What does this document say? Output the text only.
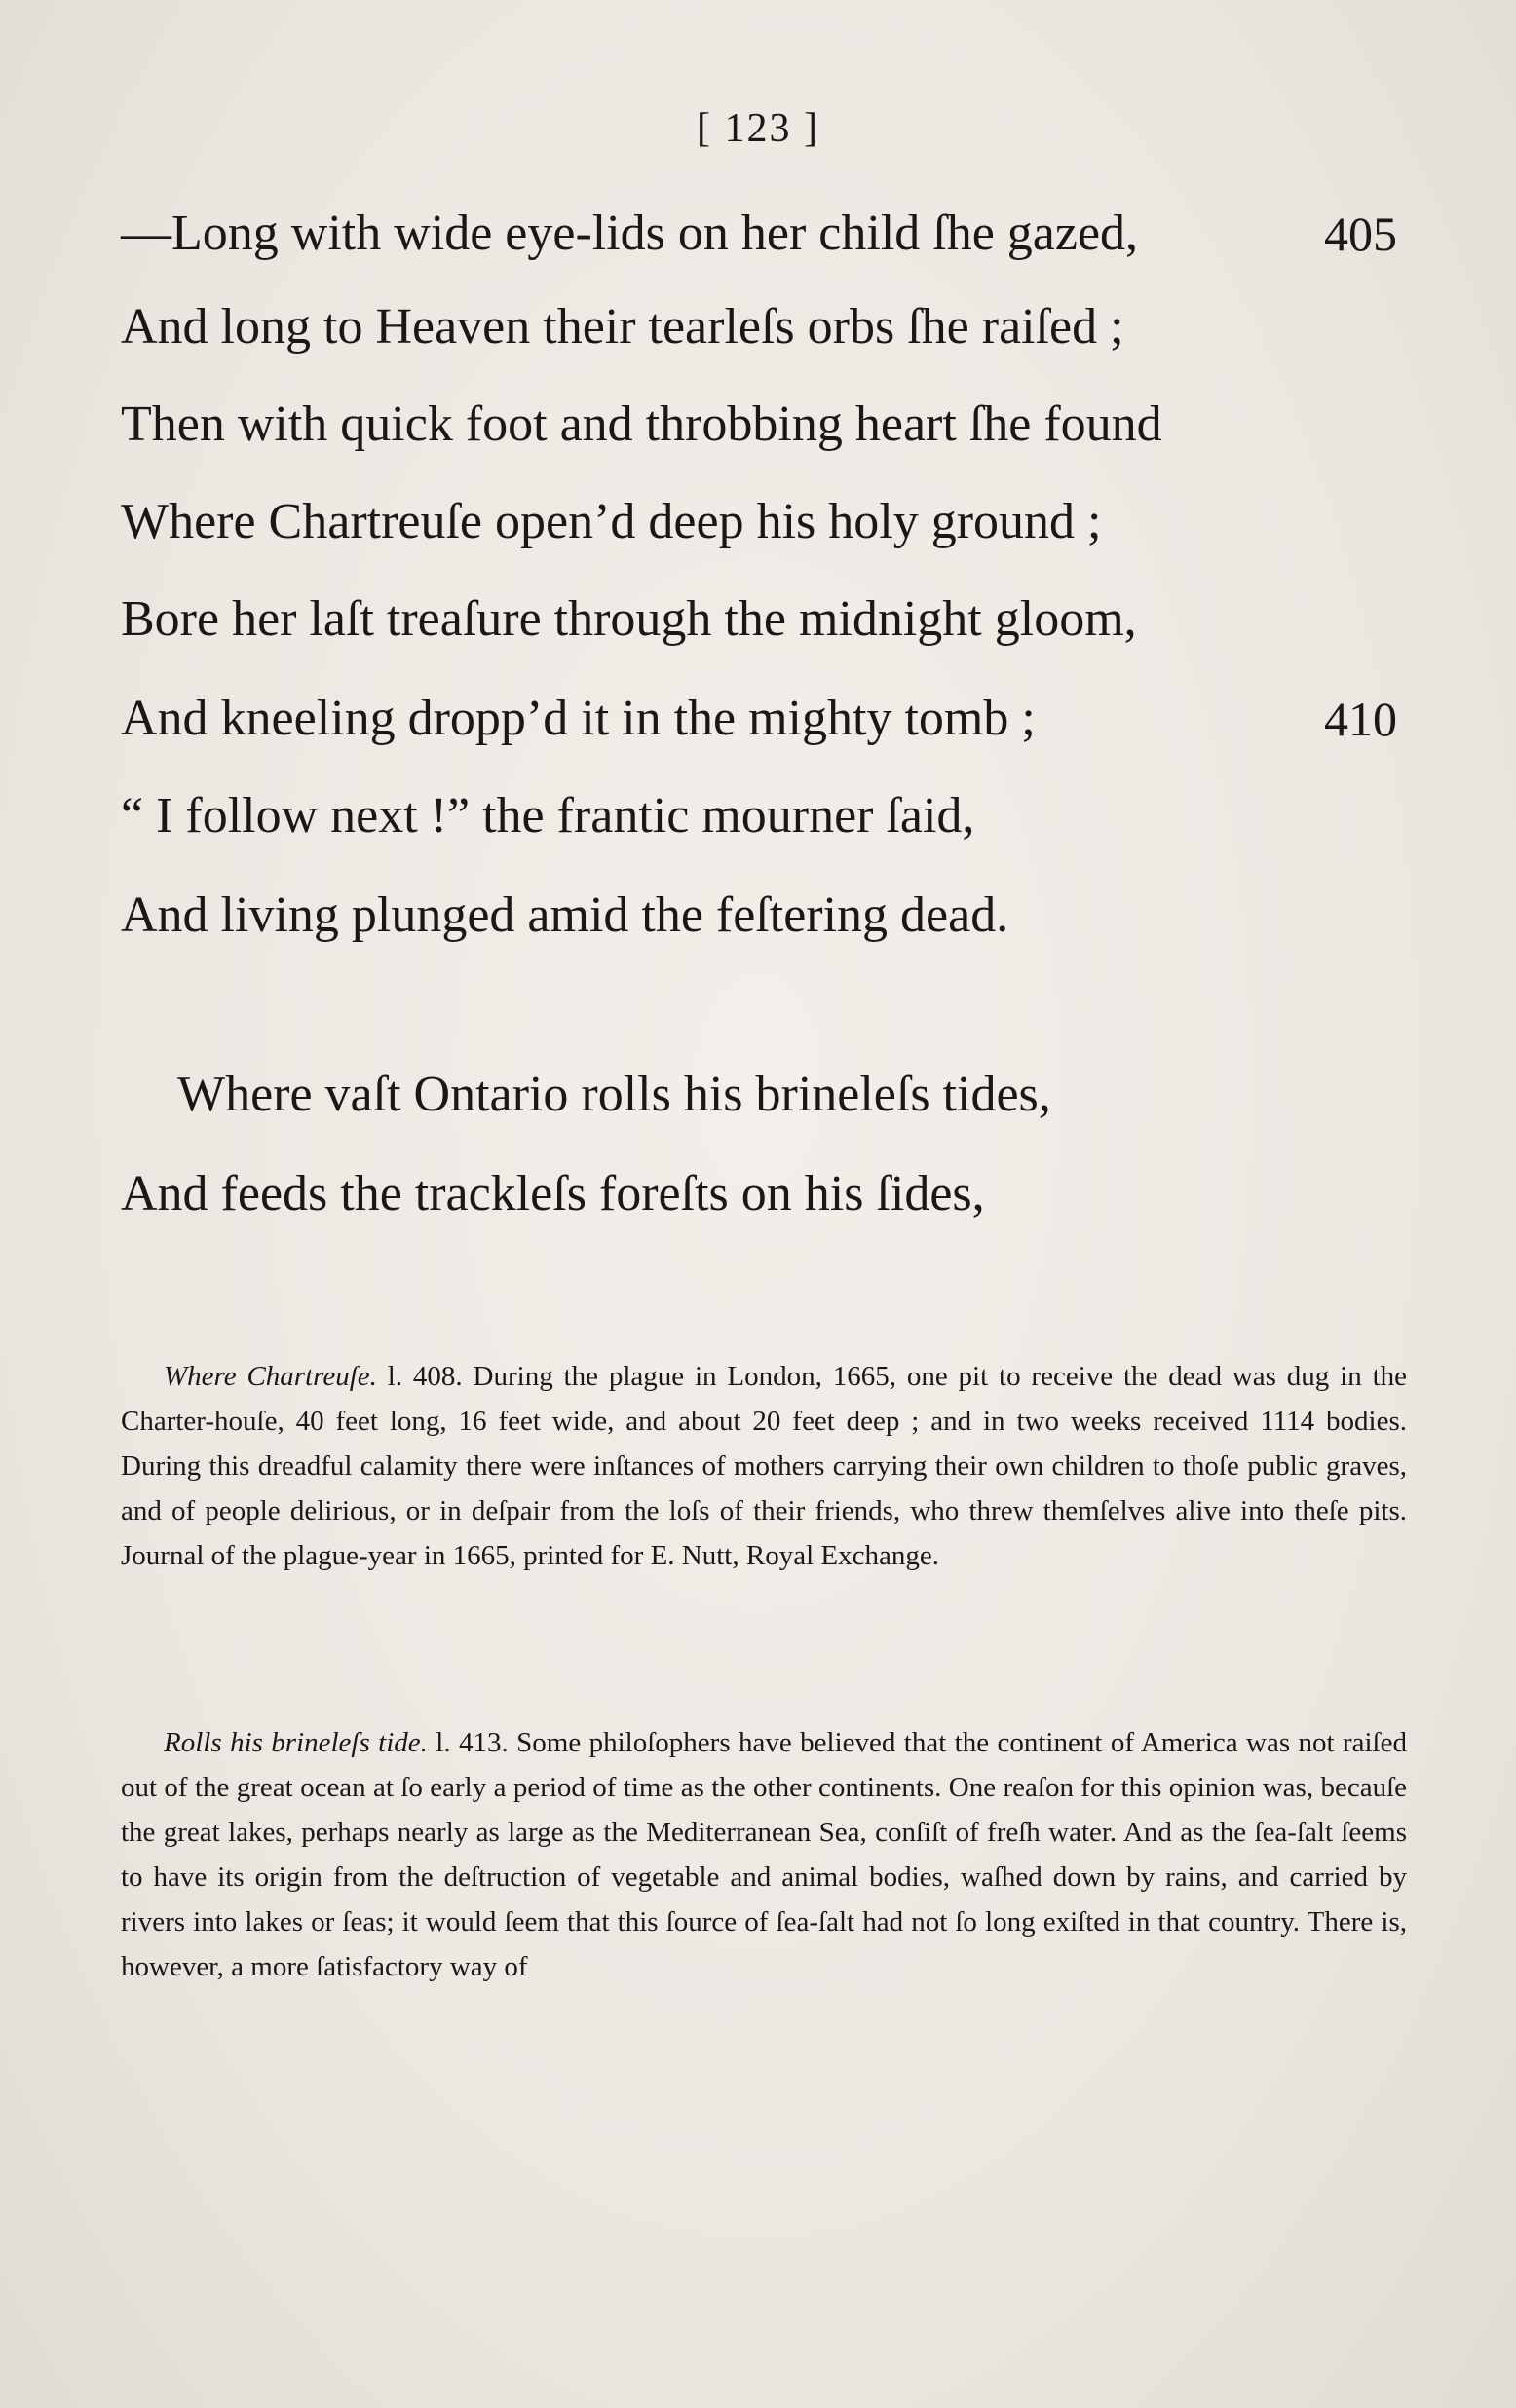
[ 123 ]
—Long with wide eye-lids on her child ſhe gazed,	405
And long to Heaven their tearleſs orbs ſhe raiſed ;
Then with quick foot and throbbing heart ſhe found
Where Chartreuſe open’d deep his holy ground ;
Bore her laſt treaſure through the midnight gloom,
And kneeling dropp’d it in the mighty tomb ;	410
“ I follow next !” the frantic mourner ſaid,
And living plunged amid the feſtering dead.
Where vaſt Ontario rolls his brineleſs tides,
And feeds the trackleſs foreſts on his ſides,

Where Chartreuſe. l. 408. During the plague in London, 1665, one pit to receive the dead was dug in the Charter-houſe, 40 feet long, 16 feet wide, and about 20 feet deep ; and in two weeks received 1114 bodies. During this dreadful calamity there were inſtances of mothers carrying their own children to thoſe public graves, and of people delirious, or in deſpair from the loſs of their friends, who threw themſelves alive into theſe pits. Journal of the plague-year in 1665, printed for E. Nutt, Royal Exchange.

Rolls his brineleſs tide. l. 413. Some philoſophers have believed that the continent of America was not raiſed out of the great ocean at ſo early a period of time as the other continents. One reaſon for this opinion was, becauſe the great lakes, perhaps nearly as large as the Mediterranean Sea, conſiſt of freſh water. And as the ſea-ſalt ſeems to have its origin from the deſtruction of vegetable and animal bodies, waſhed down by rains, and carried by rivers into lakes or ſeas; it would ſeem that this ſource of ſea-ſalt had not ſo long exiſted in that country. There is, however, a more ſatisfactory way of
